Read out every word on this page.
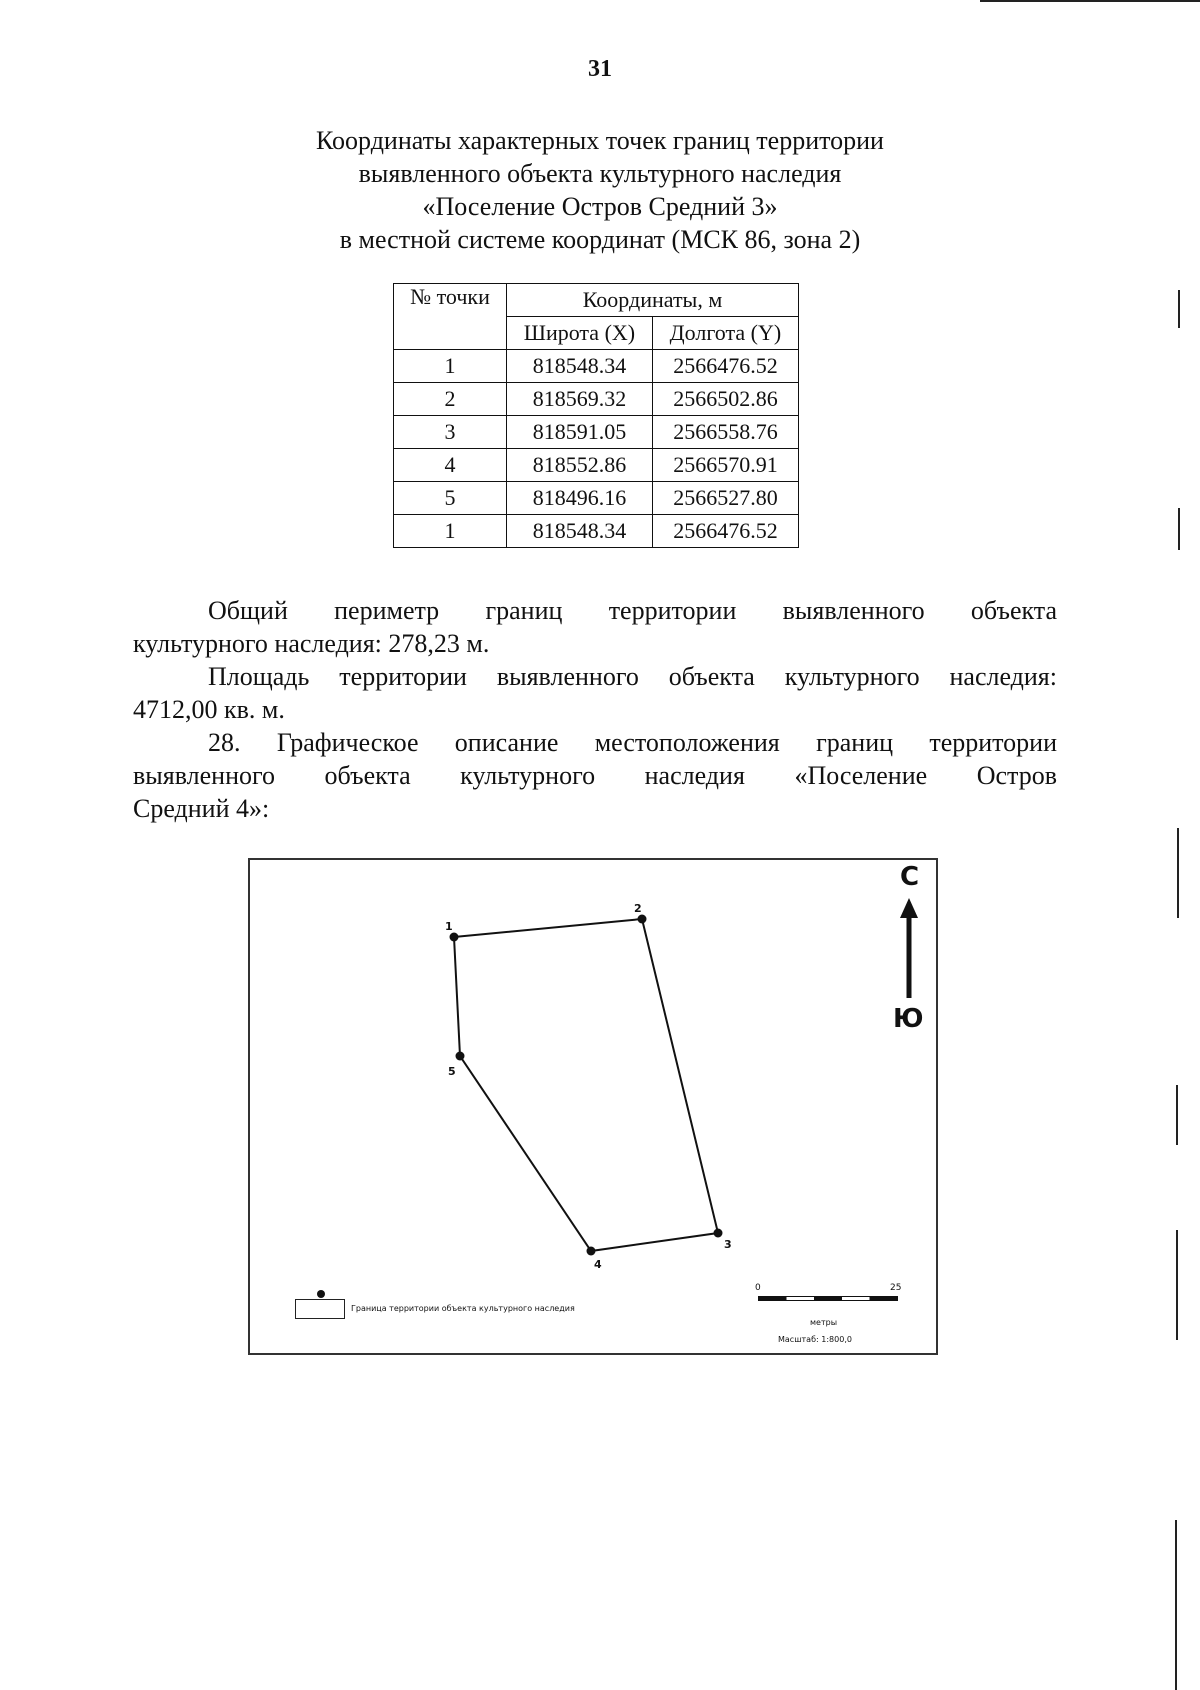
31
Координаты характерных точек границ территории
выявленного объекта культурного наследия
«Поселение Остров Средний 3»
в местной системе координат (МСК 86, зона 2)
№ точки	Координаты, м	
	Широта (X)	Долгота (Y)
1	818548.34	2566476.52
2	818569.32	2566502.86
3	818591.05	2566558.76
4	818552.86	2566570.91
5	818496.16	2566527.80
1	818548.34	2566476.52
Общий периметр границ территории выявленного объекта
культурного наследия: 278,23 м.
Площадь территории выявленного объекта культурного наследия:
4712,00 кв. м.
28. Графическое описание местоположения границ территории
выявленного объекта культурного наследия «Поселение Остров
Средний 4»:
С
Ю
1
2
3
4
5
Граница территории объекта культурного наследия
0	25
метры
Масштаб: 1:800,0
